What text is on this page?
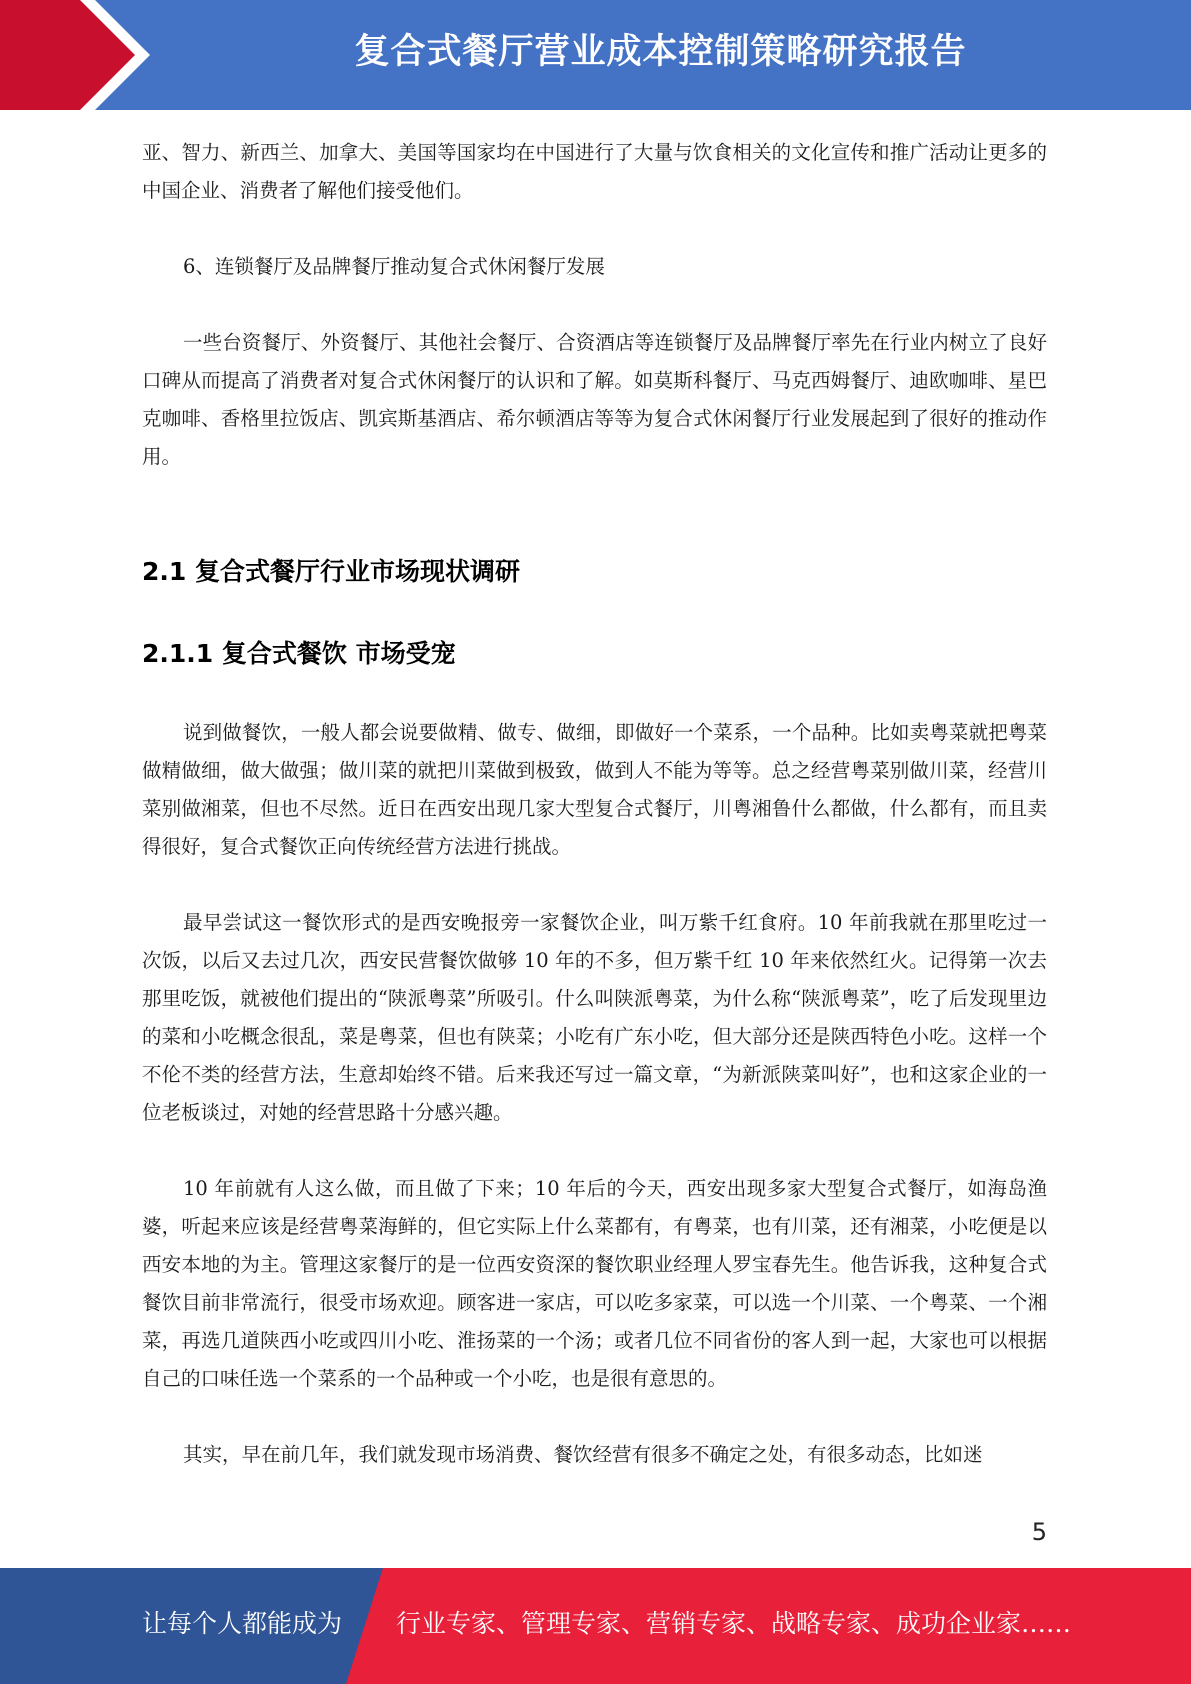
复合式餐厅营业成本控制策略研究报告

亚、智力、新西兰、加拿大、美国等国家均在中国进行了大量与饮食相关的文化宣传和推广活动让更多的中国企业、消费者了解他们接受他们。

6、连锁餐厅及品牌餐厅推动复合式休闲餐厅发展

一些台资餐厅、外资餐厅、其他社会餐厅、合资酒店等连锁餐厅及品牌餐厅率先在行业内树立了良好口碑从而提高了消费者对复合式休闲餐厅的认识和了解。如莫斯科餐厅、马克西姆餐厅、迪欧咖啡、星巴克咖啡、香格里拉饭店、凯宾斯基酒店、希尔顿酒店等等为复合式休闲餐厅行业发展起到了很好的推动作用。

2.1 复合式餐厅行业市场现状调研
2.1.1 复合式餐饮 市场受宠

说到做餐饮，一般人都会说要做精、做专、做细，即做好一个菜系，一个品种。比如卖粤菜就把粤菜做精做细，做大做强；做川菜的就把川菜做到极致，做到人不能为等等。总之经营粤菜别做川菜，经营川菜别做湘菜，但也不尽然。近日在西安出现几家大型复合式餐厅，川粤湘鲁什么都做，什么都有，而且卖得很好，复合式餐饮正向传统经营方法进行挑战。

最早尝试这一餐饮形式的是西安晚报旁一家餐饮企业，叫万紫千红食府。10 年前我就在那里吃过一次饭，以后又去过几次，西安民营餐饮做够 10 年的不多，但万紫千红 10 年来依然红火。记得第一次去那里吃饭，就被他们提出的“陕派粤菜”所吸引。什么叫陕派粤菜，为什么称“陕派粤菜”，吃了后发现里边的菜和小吃概念很乱，菜是粤菜，但也有陕菜；小吃有广东小吃，但大部分还是陕西特色小吃。这样一个不伦不类的经营方法，生意却始终不错。后来我还写过一篇文章，“为新派陕菜叫好”，也和这家企业的一位老板谈过，对她的经营思路十分感兴趣。

10 年前就有人这么做，而且做了下来；10 年后的今天，西安出现多家大型复合式餐厅，如海岛渔婆，听起来应该是经营粤菜海鲜的，但它实际上什么菜都有，有粤菜，也有川菜，还有湘菜，小吃便是以西安本地的为主。管理这家餐厅的是一位西安资深的餐饮职业经理人罗宝春先生。他告诉我，这种复合式餐饮目前非常流行，很受市场欢迎。顾客进一家店，可以吃多家菜，可以选一个川菜、一个粤菜、一个湘菜，再选几道陕西小吃或四川小吃、淮扬菜的一个汤；或者几位不同省份的客人到一起，大家也可以根据自己的口味任选一个菜系的一个品种或一个小吃，也是很有意思的。

其实，早在前几年，我们就发现市场消费、餐饮经营有很多不确定之处，有很多动态，比如迷

5
让每个人都能成为 行业专家、管理专家、营销专家、战略专家、成功企业家……
